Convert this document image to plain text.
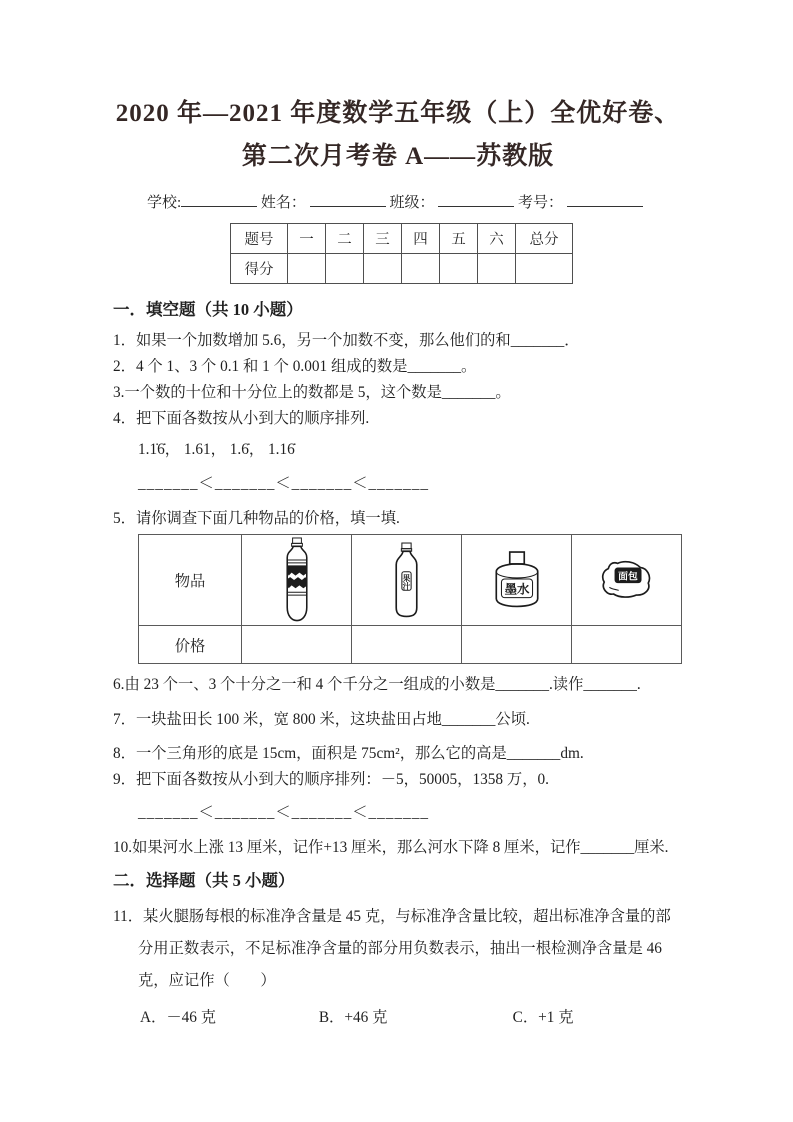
2020 年—2021 年度数学五年级（上）全优好卷、
第二次月考卷 A——苏教版
学校:	姓名：	班级：	考号：
题号	一	二	三	四	五	六	总分
得分							
一．填空题（共 10 小题）
1．如果一个加数增加 5.6，另一个加数不变，那么他们的和_______．
2．4 个 1、3 个 0.1 和 1 个 0.001 组成的数是_______。
3.一个数的十位和十分位上的数都是 5，这个数是_______。
4．把下面各数按从小到大的顺序排列.
1.1̇6̇， 1.61， 1.6̇， 1.16̇
_______＜_______＜_______＜_______
5．请你调查下面几种物品的价格，填一填.
物品		果汁	墨水	面包

价格				
6.由 23 个一、3 个十分之一和 4 个千分之一组成的小数是_______.读作_______.
7．一块盐田长 100 米，宽 800 米，这块盐田占地_______公顷.
8．一个三角形的底是 15cm，面积是 75cm²，那么它的高是_______dm.
9．把下面各数按从小到大的顺序排列：－5，50005，1358 万，0.
_______＜_______＜_______＜_______
10.如果河水上涨 13 厘米，记作+13 厘米，那么河水下降 8 厘米，记作_______厘米.
二．选择题（共 5 小题）
11．某火腿肠每根的标准净含量是 45 克，与标准净含量比较，超出标准净含量的部分用正数表示，不足标准净含量的部分用负数表示，抽出一根检测净含量是 46 克，应记作（　　）
A．－46 克	B．+46 克	C．+1 克
